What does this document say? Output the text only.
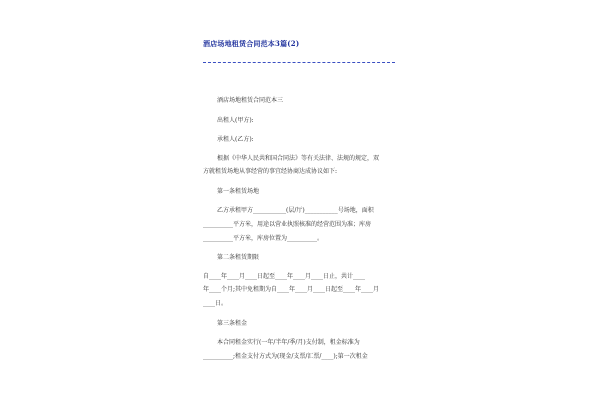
酒店场地租赁合同范本3篇(2)
酒店场地租赁合同范本三
出租人(甲方):
承租人(乙方):
根据《中华人民共和国合同法》等有关法律、法规的规定，双
方就租赁场地从事经营的事宜经协商达成协议如下:
第一条租赁场地
乙方承租甲方___________(层/厅)___________号场地，面积
__________平方米，用途以营业执照核准的经营范围为准；库房
__________平方米，库房位置为__________。
第二条租赁期限
自____年____月____日起至____年____月____日止，共计____
年____个月;其中免租期为自____年____月____日起至____年____月
____日。
第三条租金
本合同租金实行(一年/半年/季/月)支付制，租金标准为
__________;租金支付方式为(现金/支票/汇票/____);第一次租金
